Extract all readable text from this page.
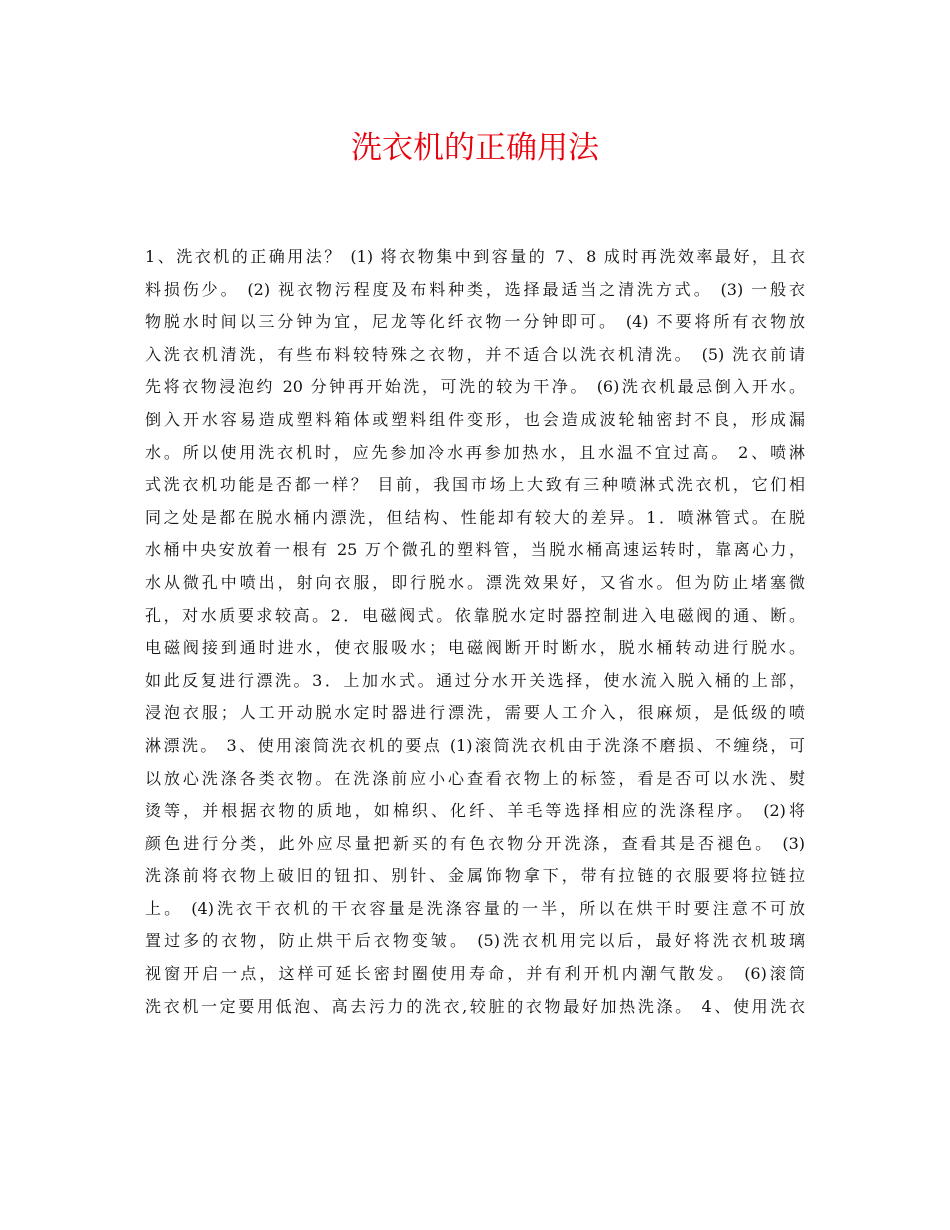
洗衣机的正确用法
1、洗衣机的正确用法？ (1) 将衣物集中到容量的 7、8 成时再洗效率最好，且衣
料损伤少。 (2) 视衣物污程度及布料种类，选择最适当之清洗方式。 (3) 一般衣
物脱水时间以三分钟为宜，尼龙等化纤衣物一分钟即可。 (4) 不要将所有衣物放
入洗衣机清洗，有些布料较特殊之衣物，并不适合以洗衣机清洗。 (5) 洗衣前请
先将衣物浸泡约 20 分钟再开始洗，可洗的较为干净。 (6)洗衣机最忌倒入开水。
倒入开水容易造成塑料箱体或塑料组件变形，也会造成波轮轴密封不良，形成漏
水。所以使用洗衣机时，应先参加冷水再参加热水，且水温不宜过高。 2、喷淋
式洗衣机功能是否都一样？ 目前，我国市场上大致有三种喷淋式洗衣机，它们相
同之处是都在脱水桶内漂洗，但结构、性能却有较大的差异。1．喷淋管式。在脱
水桶中央安放着一根有 25 万个微孔的塑料管，当脱水桶高速运转时，靠离心力，
水从微孔中喷出，射向衣服，即行脱水。漂洗效果好，又省水。但为防止堵塞微
孔，对水质要求较高。2．电磁阀式。依靠脱水定时器控制进入电磁阀的通、断。
电磁阀接到通时进水，使衣服吸水；电磁阀断开时断水，脱水桶转动进行脱水。
如此反复进行漂洗。3．上加水式。通过分水开关选择，使水流入脱入桶的上部，
浸泡衣服；人工开动脱水定时器进行漂洗，需要人工介入，很麻烦，是低级的喷
淋漂洗。 3、使用滚筒洗衣机的要点 (1)滚筒洗衣机由于洗涤不磨损、不缠绕，可
以放心洗涤各类衣物。在洗涤前应小心查看衣物上的标签，看是否可以水洗、熨
烫等，并根据衣物的质地，如棉织、化纤、羊毛等选择相应的洗涤程序。 (2)将
颜色进行分类，此外应尽量把新买的有色衣物分开洗涤，查看其是否褪色。 (3)
洗涤前将衣物上破旧的钮扣、别针、金属饰物拿下，带有拉链的衣服要将拉链拉
上。 (4)洗衣干衣机的干衣容量是洗涤容量的一半，所以在烘干时要注意不可放
置过多的衣物，防止烘干后衣物变皱。 (5)洗衣机用完以后，最好将洗衣机玻璃
视窗开启一点，这样可延长密封圈使用寿命，并有利开机内潮气散发。 (6)滚筒
洗衣机一定要用低泡、高去污力的洗衣,较脏的衣物最好加热洗涤。 4、使用洗衣
